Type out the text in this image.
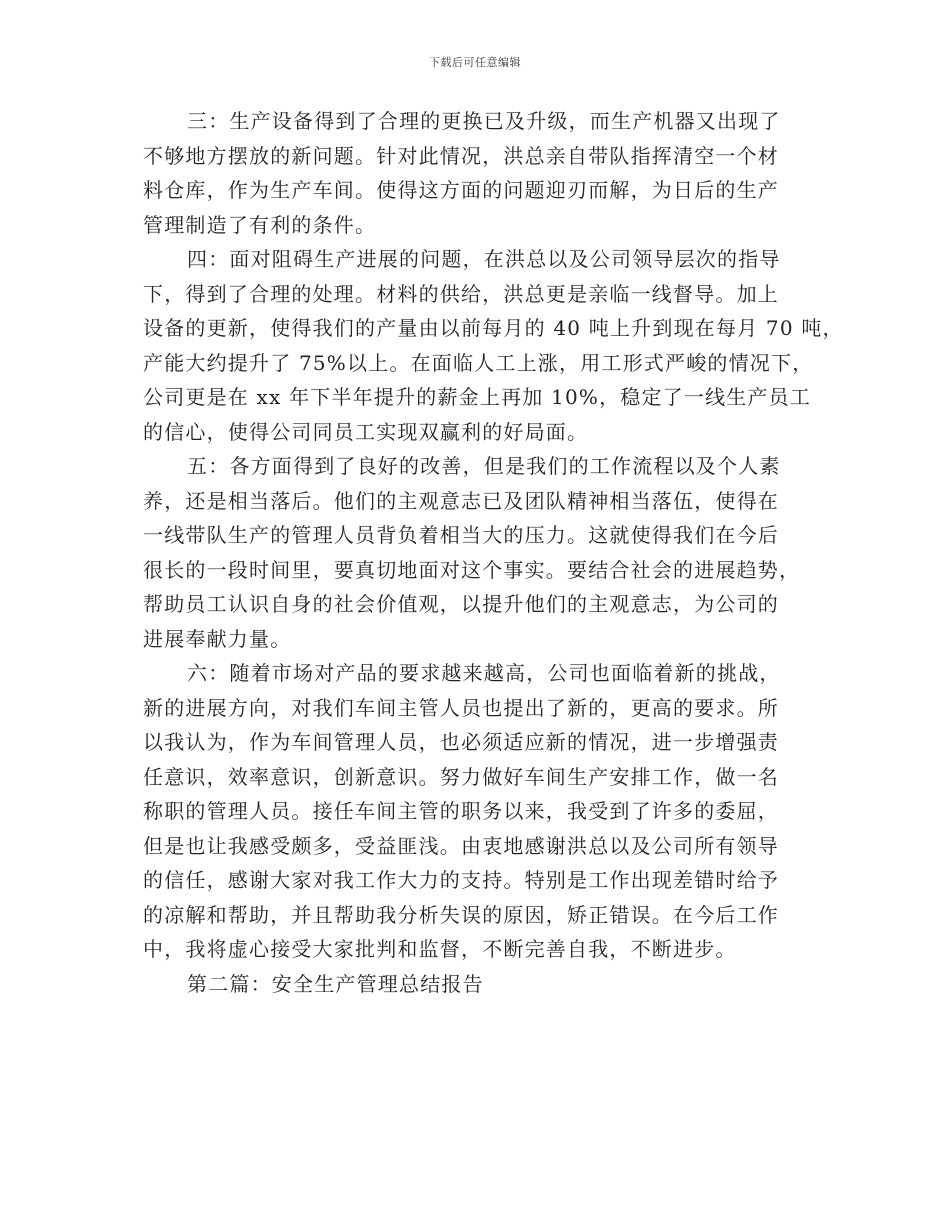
下载后可任意编辑
三：生产设备得到了合理的更换已及升级，而生产机器又出现了
不够地方摆放的新问题。针对此情况，洪总亲自带队指挥清空一个材
料仓库，作为生产车间。使得这方面的问题迎刃而解，为日后的生产
管理制造了有利的条件。
四：面对阻碍生产进展的问题，在洪总以及公司领导层次的指导
下，得到了合理的处理。材料的供给，洪总更是亲临一线督导。加上
设备的更新，使得我们的产量由以前每月的 40 吨上升到现在每月 70 吨，
产能大约提升了 75%以上。在面临人工上涨，用工形式严峻的情况下，
公司更是在 xx 年下半年提升的薪金上再加 10%，稳定了一线生产员工
的信心，使得公司同员工实现双赢利的好局面。
五：各方面得到了良好的改善，但是我们的工作流程以及个人素
养，还是相当落后。他们的主观意志已及团队精神相当落伍，使得在
一线带队生产的管理人员背负着相当大的压力。这就使得我们在今后
很长的一段时间里，要真切地面对这个事实。要结合社会的进展趋势，
帮助员工认识自身的社会价值观，以提升他们的主观意志，为公司的
进展奉献力量。
六：随着市场对产品的要求越来越高，公司也面临着新的挑战，
新的进展方向，对我们车间主管人员也提出了新的，更高的要求。所
以我认为，作为车间管理人员，也必须适应新的情况，进一步增强责
任意识，效率意识，创新意识。努力做好车间生产安排工作，做一名
称职的管理人员。接任车间主管的职务以来，我受到了许多的委屈，
但是也让我感受颇多，受益匪浅。由衷地感谢洪总以及公司所有领导
的信任，感谢大家对我工作大力的支持。特别是工作出现差错时给予
的凉解和帮助，并且帮助我分析失误的原因，矫正错误。在今后工作
中，我将虚心接受大家批判和监督，不断完善自我，不断进步。
第二篇：安全生产管理总结报告
